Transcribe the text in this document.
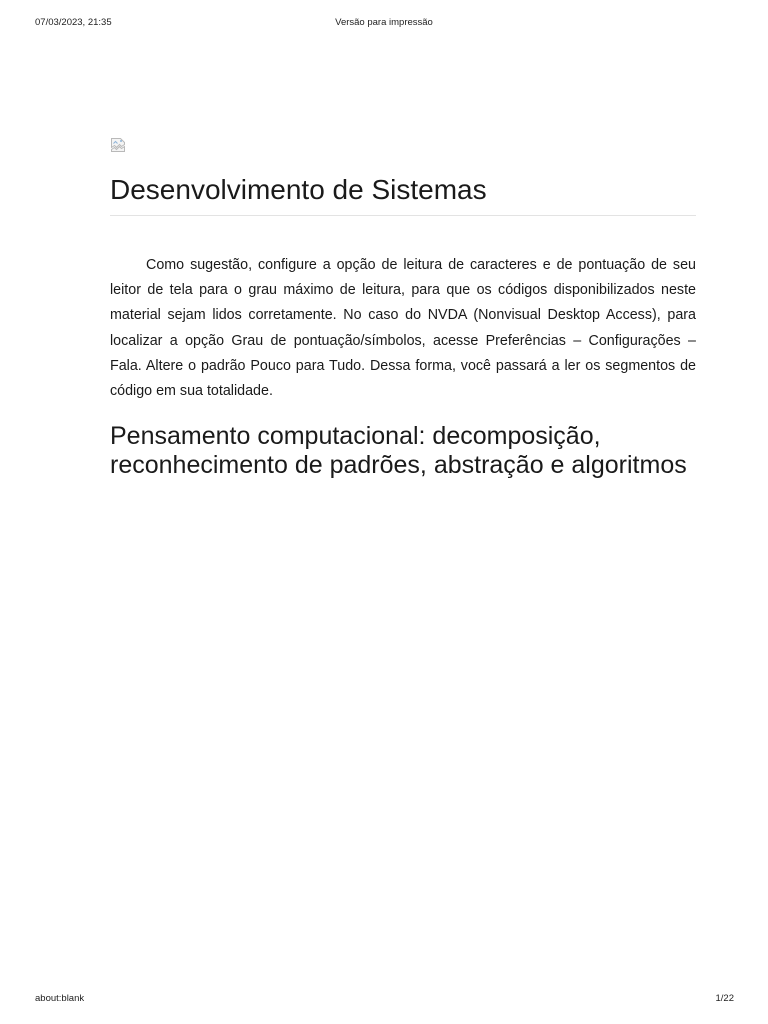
Versão para impressão
07/03/2023, 21:35
Desenvolvimento de Sistemas

Como sugestão, configure a opção de leitura de caracteres e de pontuação de seu leitor de tela para o grau máximo de leitura, para que os códigos disponibilizados neste material sejam lidos corretamente. No caso do NVDA (Nonvisual Desktop Access), para localizar a opção Grau de pontuação/símbolos, acesse Preferências – Configurações – Fala. Altere o padrão Pouco para Tudo. Dessa forma, você passará a ler os segmentos de código em sua totalidade.

Pensamento computacional: decomposição, reconhecimento de padrões, abstração e algoritmos
about:blank	1/22
